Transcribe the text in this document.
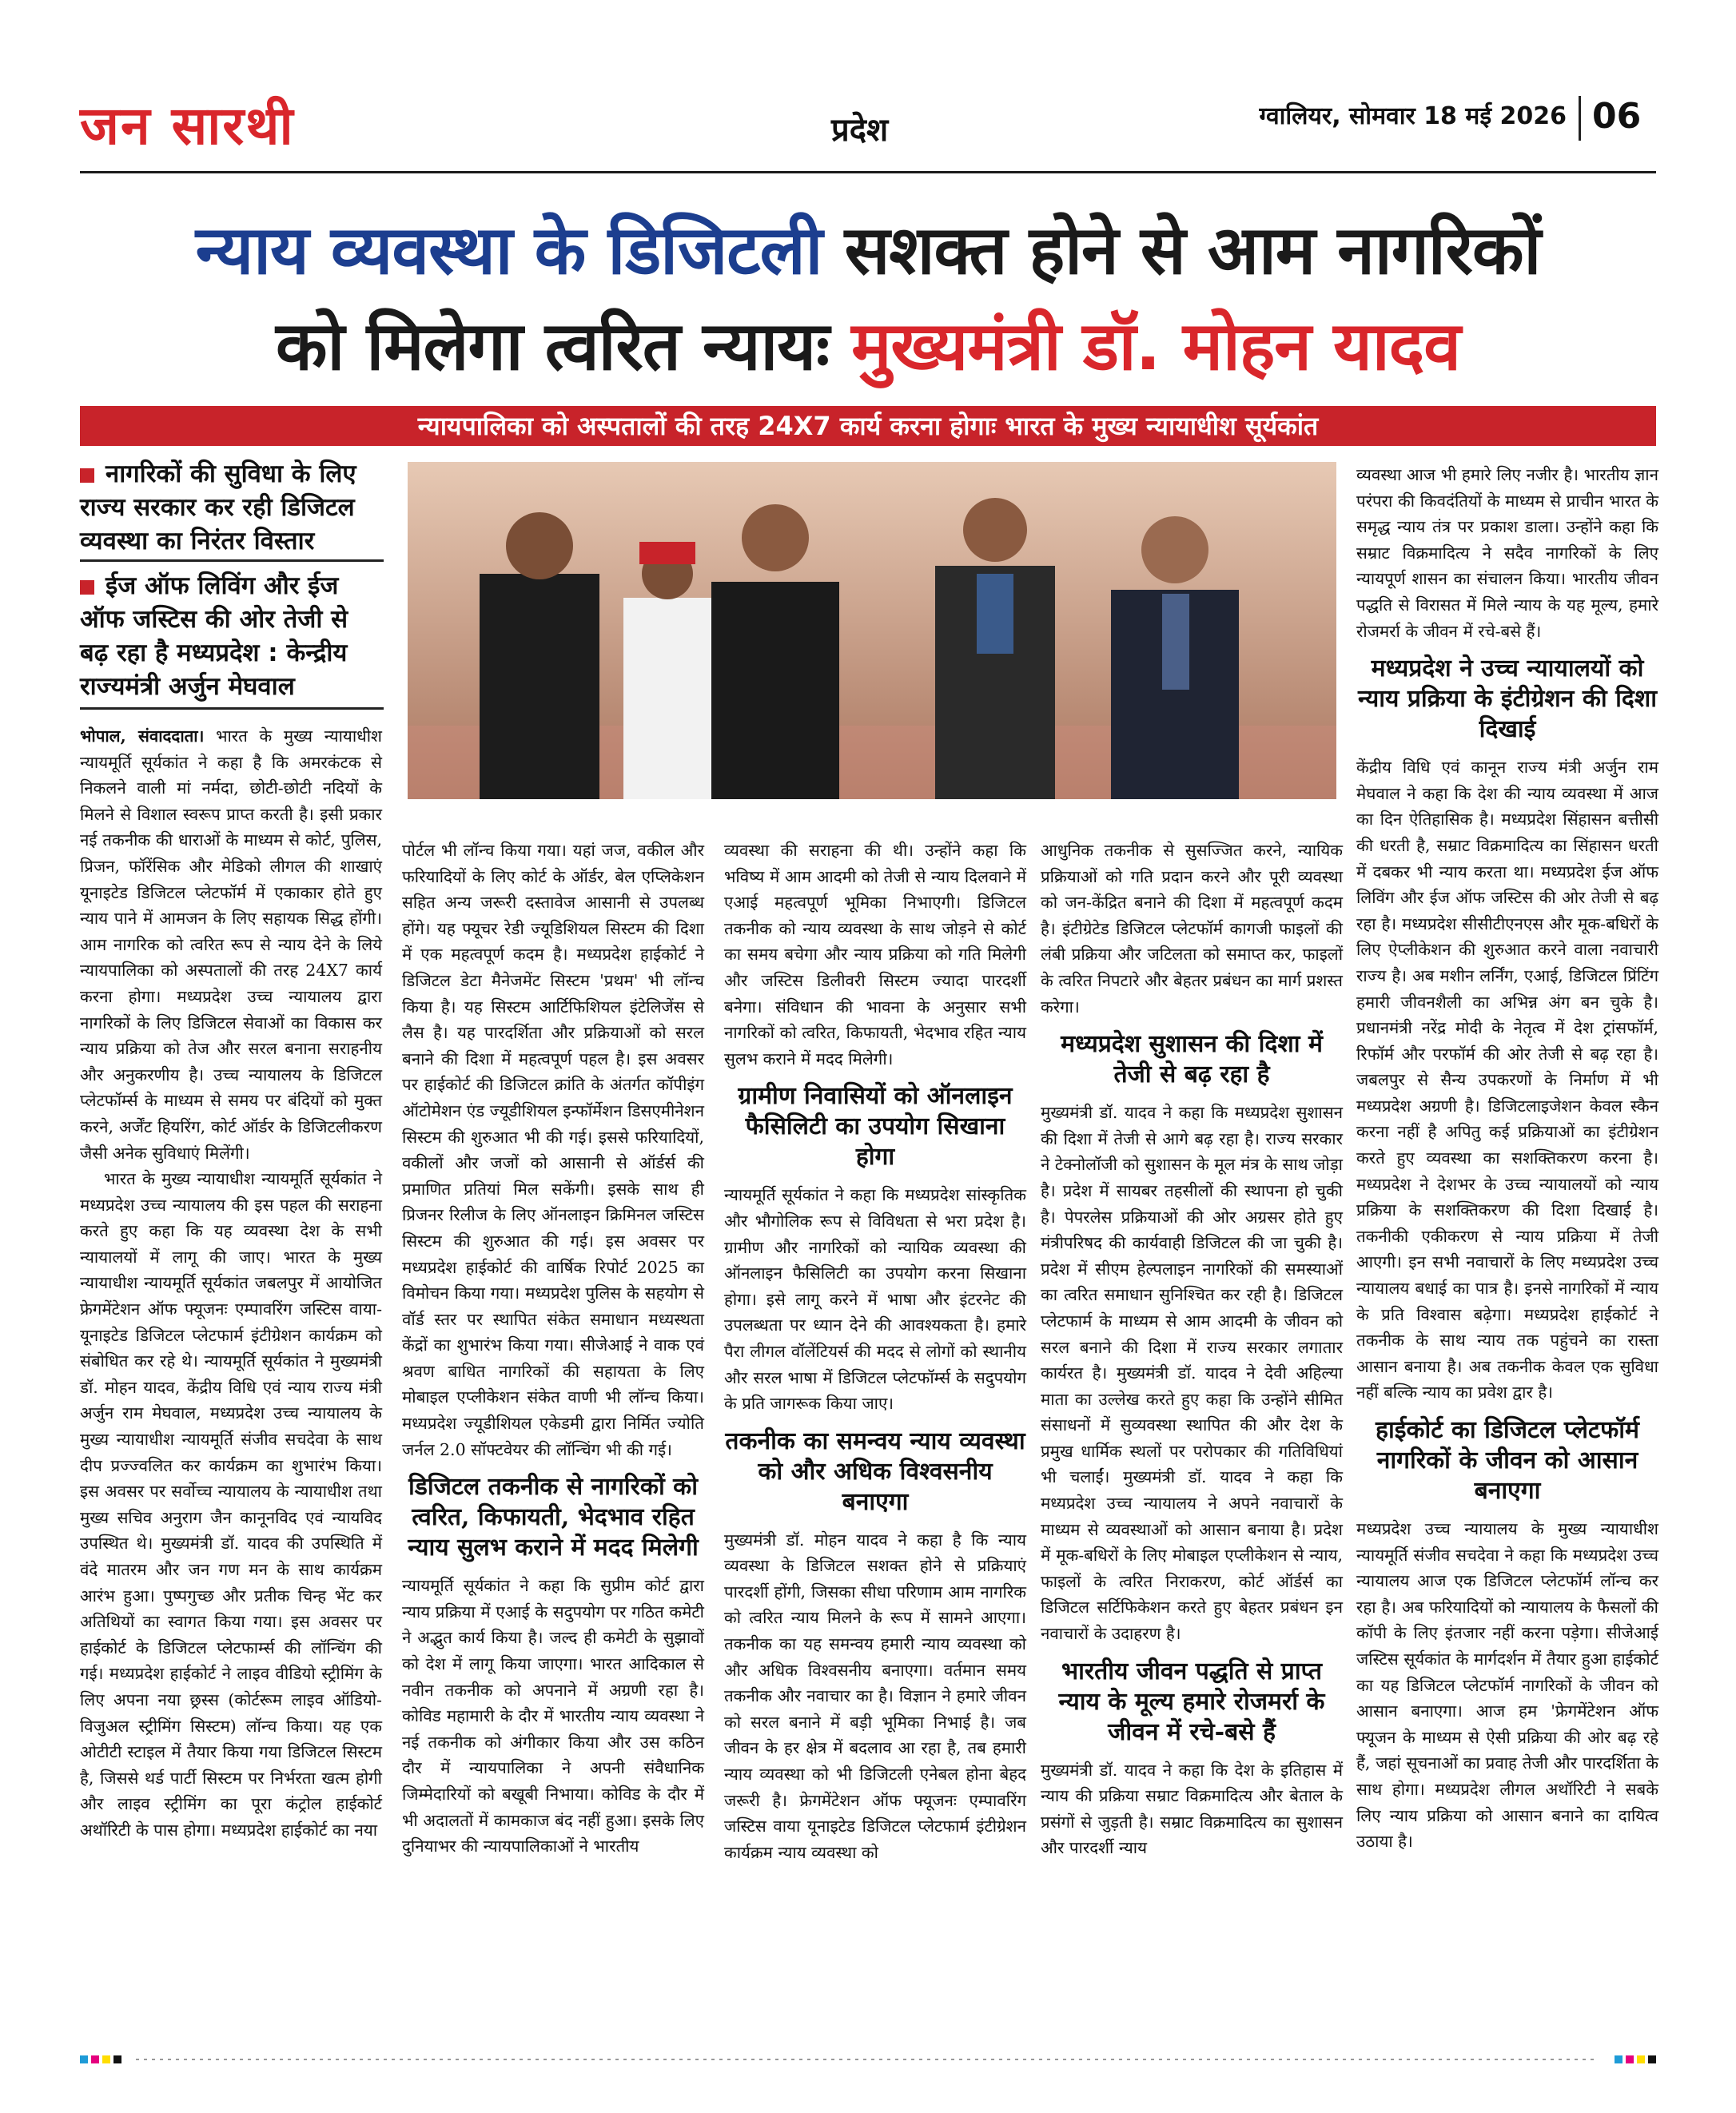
जन सारथी	प्रदेश	ग्वालियर, सोमवार 18 मई 2026 06
न्याय व्यवस्था के डिजिटली सशक्त होने से आम नागरिकों
को मिलेगा त्वरित न्यायः मुख्यमंत्री डॉ. मोहन यादव
न्यायपालिका को अस्पतालों की तरह 24X7 कार्य करना होगाः भारत के मुख्य न्यायाधीश सूर्यकांत
नागरिकों की सुविधा के लिए राज्य सरकार कर रही डिजिटल व्यवस्था का निरंतर विस्तार
ईज ऑफ लिविंग और ईज ऑफ जस्टिस की ओर तेजी से बढ़ रहा है मध्यप्रदेश : केन्द्रीय राज्यमंत्री अर्जुन मेघवाल

भोपाल, संवाददाता। भारत के मुख्य न्यायाधीश न्यायमूर्ति सूर्यकांत ने कहा है कि अमरकंटक से निकलने वाली मां नर्मदा, छोटी-छोटी नदियों के मिलने से विशाल स्वरूप प्राप्त करती है। इसी प्रकार नई तकनीक की धाराओं के माध्यम से कोर्ट, पुलिस, प्रिजन, फॉरेंसिक और मेडिको लीगल की शाखाएं यूनाइटेड डिजिटल प्लेटफॉर्म में एकाकार होते हुए न्याय पाने में आमजन के लिए सहायक सिद्ध होंगी। आम नागरिक को त्वरित रूप से न्याय देने के लिये न्यायपालिका को अस्पतालों की तरह 24X7 कार्य करना होगा। मध्यप्रदेश उच्च न्यायालय द्वारा नागरिकों के लिए डिजिटल सेवाओं का विकास कर न्याय प्रक्रिया को तेज और सरल बनाना सराहनीय और अनुकरणीय है। उच्च न्यायालय के डिजिटल प्लेटफॉर्म्स के माध्यम से समय पर बंदियों को मुक्त करने, अर्जेंट हियरिंग, कोर्ट ऑर्डर के डिजिटलीकरण जैसी अनेक सुविधाएं मिलेंगी।

भारत के मुख्य न्यायाधीश न्यायमूर्ति सूर्यकांत ने मध्यप्रदेश उच्च न्यायालय की इस पहल की सराहना करते हुए कहा कि यह व्यवस्था देश के सभी न्यायालयों में लागू की जाए। भारत के मुख्य न्यायाधीश न्यायमूर्ति सूर्यकांत जबलपुर में आयोजित फ्रेगमेंटेशन ऑफ फ्यूजनः एम्पावरिंग जस्टिस वाया-यूनाइटेड डिजिटल प्लेटफार्म इंटीग्रेशन कार्यक्रम को संबोधित कर रहे थे। न्यायमूर्ति सूर्यकांत ने मुख्यमंत्री डॉ. मोहन यादव, केंद्रीय विधि एवं न्याय राज्य मंत्री अर्जुन राम मेघवाल, मध्यप्रदेश उच्च न्यायालय के मुख्य न्यायाधीश न्यायमूर्ति संजीव सचदेवा के साथ दीप प्रज्ज्वलित कर कार्यक्रम का शुभारंभ किया। इस अवसर पर सर्वोच्च न्यायालय के न्यायाधीश तथा मुख्य सचिव अनुराग जैन कानूनविद एवं न्यायविद उपस्थित थे। मुख्यमंत्री डॉ. यादव की उपस्थिति में वंदे मातरम और जन गण मन के साथ कार्यक्रम आरंभ हुआ। पुष्पगुच्छ और प्रतीक चिन्ह भेंट कर अतिथियों का स्वागत किया गया। इस अवसर पर हाईकोर्ट के डिजिटल प्लेटफार्म्स की लॉन्चिंग की गई। मध्यप्रदेश हाईकोर्ट ने लाइव वीडियो स्ट्रीमिंग के लिए अपना नया छ्रस्स (कोर्टरूम लाइव ऑडियो-विजुअल स्ट्रीमिंग सिस्टम) लॉन्च किया। यह एक ओटीटी स्टाइल में तैयार किया गया डिजिटल सिस्टम है, जिससे थर्ड पार्टी सिस्टम पर निर्भरता खत्म होगी और लाइव स्ट्रीमिंग का पूरा कंट्रोल हाईकोर्ट अथॉरिटी के पास होगा। मध्यप्रदेश हाईकोर्ट का नया

पोर्टल भी लॉन्च किया गया। यहां जज, वकील और फरियादियों के लिए कोर्ट के ऑर्डर, बेल एप्लिकेशन सहित अन्य जरूरी दस्तावेज आसानी से उपलब्ध होंगे। यह फ्यूचर रेडी ज्यूडिशियल सिस्टम की दिशा में एक महत्वपूर्ण कदम है। मध्यप्रदेश हाईकोर्ट ने डिजिटल डेटा मैनेजमेंट सिस्टम 'प्रथम' भी लॉन्च किया है। यह सिस्टम आर्टिफिशियल इंटेलिजेंस से लैस है। यह पारदर्शिता और प्रक्रियाओं को सरल बनाने की दिशा में महत्वपूर्ण पहल है। इस अवसर पर हाईकोर्ट की डिजिटल क्रांति के अंतर्गत कॉपीइंग ऑटोमेशन एंड ज्यूडीशियल इन्फॉर्मेशन डिसएमीनेशन सिस्टम की शुरुआत भी की गई। इससे फरियादियों, वकीलों और जजों को आसानी से ऑर्डर्स की प्रमाणित प्रतियां मिल सकेंगी। इसके साथ ही प्रिजनर रिलीज के लिए ऑनलाइन क्रिमिनल जस्टिस सिस्टम की शुरुआत की गई। इस अवसर पर मध्यप्रदेश हाईकोर्ट की वार्षिक रिपोर्ट 2025 का विमोचन किया गया। मध्यप्रदेश पुलिस के सहयोग से वॉर्ड स्तर पर स्थापित संकेत समाधान मध्यस्थता केंद्रों का शुभारंभ किया गया। सीजेआई ने वाक एवं श्रवण बाधित नागरिकों की सहायता के लिए मोबाइल एप्लीकेशन संकेत वाणी भी लॉन्च किया। मध्यप्रदेश ज्यूडीशियल एकेडमी द्वारा निर्मित ज्योति जर्नल 2.0 सॉफ्टवेयर की लॉन्चिंग भी की गई।

डिजिटल तकनीक से नागरिकों को त्वरित, किफायती, भेदभाव रहित न्याय सुलभ कराने में मदद मिलेगी

न्यायमूर्ति सूर्यकांत ने कहा कि सुप्रीम कोर्ट द्वारा न्याय प्रक्रिया में एआई के सदुपयोग पर गठित कमेटी ने अद्भुत कार्य किया है। जल्द ही कमेटी के सुझावों को देश में लागू किया जाएगा। भारत आदिकाल से नवीन तकनीक को अपनाने में अग्रणी रहा है। कोविड महामारी के दौर में भारतीय न्याय व्यवस्था ने नई तकनीक को अंगीकार किया और उस कठिन दौर में न्यायपालिका ने अपनी संवैधानिक जिम्मेदारियों को बखूबी निभाया। कोविड के दौर में भी अदालतों में कामकाज बंद नहीं हुआ। इसके लिए दुनियाभर की न्यायपालिकाओं ने भारतीय

व्यवस्था की सराहना की थी। उन्होंने कहा कि भविष्य में आम आदमी को तेजी से न्याय दिलवाने में एआई महत्वपूर्ण भूमिका निभाएगी। डिजिटल तकनीक को न्याय व्यवस्था के साथ जोड़ने से कोर्ट का समय बचेगा और न्याय प्रक्रिया को गति मिलेगी और जस्टिस डिलीवरी सिस्टम ज्यादा पारदर्शी बनेगा। संविधान की भावना के अनुसार सभी नागरिकों को त्वरित, किफायती, भेदभाव रहित न्याय सुलभ कराने में मदद मिलेगी।

ग्रामीण निवासियों को ऑनलाइन फैसिलिटी का उपयोग सिखाना होगा

न्यायमूर्ति सूर्यकांत ने कहा कि मध्यप्रदेश सांस्कृतिक और भौगोलिक रूप से विविधता से भरा प्रदेश है। ग्रामीण और नागरिकों को न्यायिक व्यवस्था की ऑनलाइन फैसिलिटी का उपयोग करना सिखाना होगा। इसे लागू करने में भाषा और इंटरनेट की उपलब्धता पर ध्यान देने की आवश्यकता है। हमारे पैरा लीगल वॉलेंटियर्स की मदद से लोगों को स्थानीय और सरल भाषा में डिजिटल प्लेटफॉर्म्स के सदुपयोग के प्रति जागरूक किया जाए।

तकनीक का समन्वय न्याय व्यवस्था को और अधिक विश्वसनीय बनाएगा

मुख्यमंत्री डॉ. मोहन यादव ने कहा है कि न्याय व्यवस्था के डिजिटल सशक्त होने से प्रक्रियाएं पारदर्शी होंगी, जिसका सीधा परिणाम आम नागरिक को त्वरित न्याय मिलने के रूप में सामने आएगा। तकनीक का यह समन्वय हमारी न्याय व्यवस्था को और अधिक विश्वसनीय बनाएगा। वर्तमान समय तकनीक और नवाचार का है। विज्ञान ने हमारे जीवन को सरल बनाने में बड़ी भूमिका निभाई है। जब जीवन के हर क्षेत्र में बदलाव आ रहा है, तब हमारी न्याय व्यवस्था को भी डिजिटली एनेबल होना बेहद जरूरी है। फ्रेगमेंटेशन ऑफ फ्यूजनः एम्पावरिंग जस्टिस वाया यूनाइटेड डिजिटल प्लेटफार्म इंटीग्रेशन कार्यक्रम न्याय व्यवस्था को

आधुनिक तकनीक से सुसज्जित करने, न्यायिक प्रक्रियाओं को गति प्रदान करने और पूरी व्यवस्था को जन-केंद्रित बनाने की दिशा में महत्वपूर्ण कदम है। इंटीग्रेटेड डिजिटल प्लेटफॉर्म कागजी फाइलों की लंबी प्रक्रिया और जटिलता को समाप्त कर, फाइलों के त्वरित निपटारे और बेहतर प्रबंधन का मार्ग प्रशस्त करेगा।

मध्यप्रदेश सुशासन की दिशा में तेजी से बढ़ रहा है

मुख्यमंत्री डॉ. यादव ने कहा कि मध्यप्रदेश सुशासन की दिशा में तेजी से आगे बढ़ रहा है। राज्य सरकार ने टेक्नोलॉजी को सुशासन के मूल मंत्र के साथ जोड़ा है। प्रदेश में सायबर तहसीलों की स्थापना हो चुकी है। पेपरलेस प्रक्रियाओं की ओर अग्रसर होते हुए मंत्रीपरिषद की कार्यवाही डिजिटल की जा चुकी है। प्रदेश में सीएम हेल्पलाइन नागरिकों की समस्याओं का त्वरित समाधान सुनिश्चित कर रही है। डिजिटल प्लेटफार्म के माध्यम से आम आदमी के जीवन को सरल बनाने की दिशा में राज्य सरकार लगातार कार्यरत है। मुख्यमंत्री डॉ. यादव ने देवी अहिल्या माता का उल्लेख करते हुए कहा कि उन्होंने सीमित संसाधनों में सुव्यवस्था स्थापित की और देश के प्रमुख धार्मिक स्थलों पर परोपकार की गतिविधियां भी चलाईं। मुख्यमंत्री डॉ. यादव ने कहा कि मध्यप्रदेश उच्च न्यायालय ने अपने नवाचारों के माध्यम से व्यवस्थाओं को आसान बनाया है। प्रदेश में मूक-बधिरों के लिए मोबाइल एप्लीकेशन से न्याय, फाइलों के त्वरित निराकरण, कोर्ट ऑर्डर्स का डिजिटल सर्टिफिकेशन करते हुए बेहतर प्रबंधन इन नवाचारों के उदाहरण है।

भारतीय जीवन पद्धति से प्राप्त न्याय के मूल्य हमारे रोजमर्रा के जीवन में रचे-बसे हैं

मुख्यमंत्री डॉ. यादव ने कहा कि देश के इतिहास में न्याय की प्रक्रिया सम्राट विक्रमादित्य और बेताल के प्रसंगों से जुड़ती है। सम्राट विक्रमादित्य का सुशासन और पारदर्शी न्याय

व्यवस्था आज भी हमारे लिए नजीर है। भारतीय ज्ञान परंपरा की किवदंतियों के माध्यम से प्राचीन भारत के समृद्ध न्याय तंत्र पर प्रकाश डाला। उन्होंने कहा कि सम्राट विक्रमादित्य ने सदैव नागरिकों के लिए न्यायपूर्ण शासन का संचालन किया। भारतीय जीवन पद्धति से विरासत में मिले न्याय के यह मूल्य, हमारे रोजमर्रा के जीवन में रचे-बसे हैं।

मध्यप्रदेश ने उच्च न्यायालयों को न्याय प्रक्रिया के इंटीग्रेशन की दिशा दिखाई

केंद्रीय विधि एवं कानून राज्य मंत्री अर्जुन राम मेघवाल ने कहा कि देश की न्याय व्यवस्था में आज का दिन ऐतिहासिक है। मध्यप्रदेश सिंहासन बत्तीसी की धरती है, सम्राट विक्रमादित्य का सिंहासन धरती में दबकर भी न्याय करता था। मध्यप्रदेश ईज ऑफ लिविंग और ईज ऑफ जस्टिस की ओर तेजी से बढ़ रहा है। मध्यप्रदेश सीसीटीएनएस और मूक-बधिरों के लिए ऐप्लीकेशन की शुरुआत करने वाला नवाचारी राज्य है। अब मशीन लर्निंग, एआई, डिजिटल प्रिंटिंग हमारी जीवनशैली का अभिन्न अंग बन चुके है। प्रधानमंत्री नरेंद्र मोदी के नेतृत्व में देश ट्रांसफॉर्म, रिफॉर्म और परफॉर्म की ओर तेजी से बढ़ रहा है। जबलपुर से सैन्य उपकरणों के निर्माण में भी मध्यप्रदेश अग्रणी है। डिजिटलाइजेशन केवल स्कैन करना नहीं है अपितु कई प्रक्रियाओं का इंटीग्रेशन करते हुए व्यवस्था का सशक्तिकरण करना है। मध्यप्रदेश ने देशभर के उच्च न्यायालयों को न्याय प्रक्रिया के सशक्तिकरण की दिशा दिखाई है। तकनीकी एकीकरण से न्याय प्रक्रिया में तेजी आएगी। इन सभी नवाचारों के लिए मध्यप्रदेश उच्च न्यायालय बधाई का पात्र है। इनसे नागरिकों में न्याय के प्रति विश्वास बढ़ेगा। मध्यप्रदेश हाईकोर्ट ने तकनीक के साथ न्याय तक पहुंचने का रास्ता आसान बनाया है। अब तकनीक केवल एक सुविधा नहीं बल्कि न्याय का प्रवेश द्वार है।

हाईकोर्ट का डिजिटल प्लेटफॉर्म नागरिकों के जीवन को आसान बनाएगा

मध्यप्रदेश उच्च न्यायालय के मुख्य न्यायाधीश न्यायमूर्ति संजीव सचदेवा ने कहा कि मध्यप्रदेश उच्च न्यायालय आज एक डिजिटल प्लेटफॉर्म लॉन्च कर रहा है। अब फरियादियों को न्यायालय के फैसलों की कॉपी के लिए इंतजार नहीं करना पड़ेगा। सीजेआई जस्टिस सूर्यकांत के मार्गदर्शन में तैयार हुआ हाईकोर्ट का यह डिजिटल प्लेटफॉर्म नागरिकों के जीवन को आसान बनाएगा। आज हम 'फ्रेगमेंटेशन ऑफ फ्यूजन के माध्यम से ऐसी प्रक्रिया की ओर बढ़ रहे हैं, जहां सूचनाओं का प्रवाह तेजी और पारदर्शिता के साथ होगा। मध्यप्रदेश लीगल अथॉरिटी ने सबके लिए न्याय प्रक्रिया को आसान बनाने का दायित्व उठाया है।
